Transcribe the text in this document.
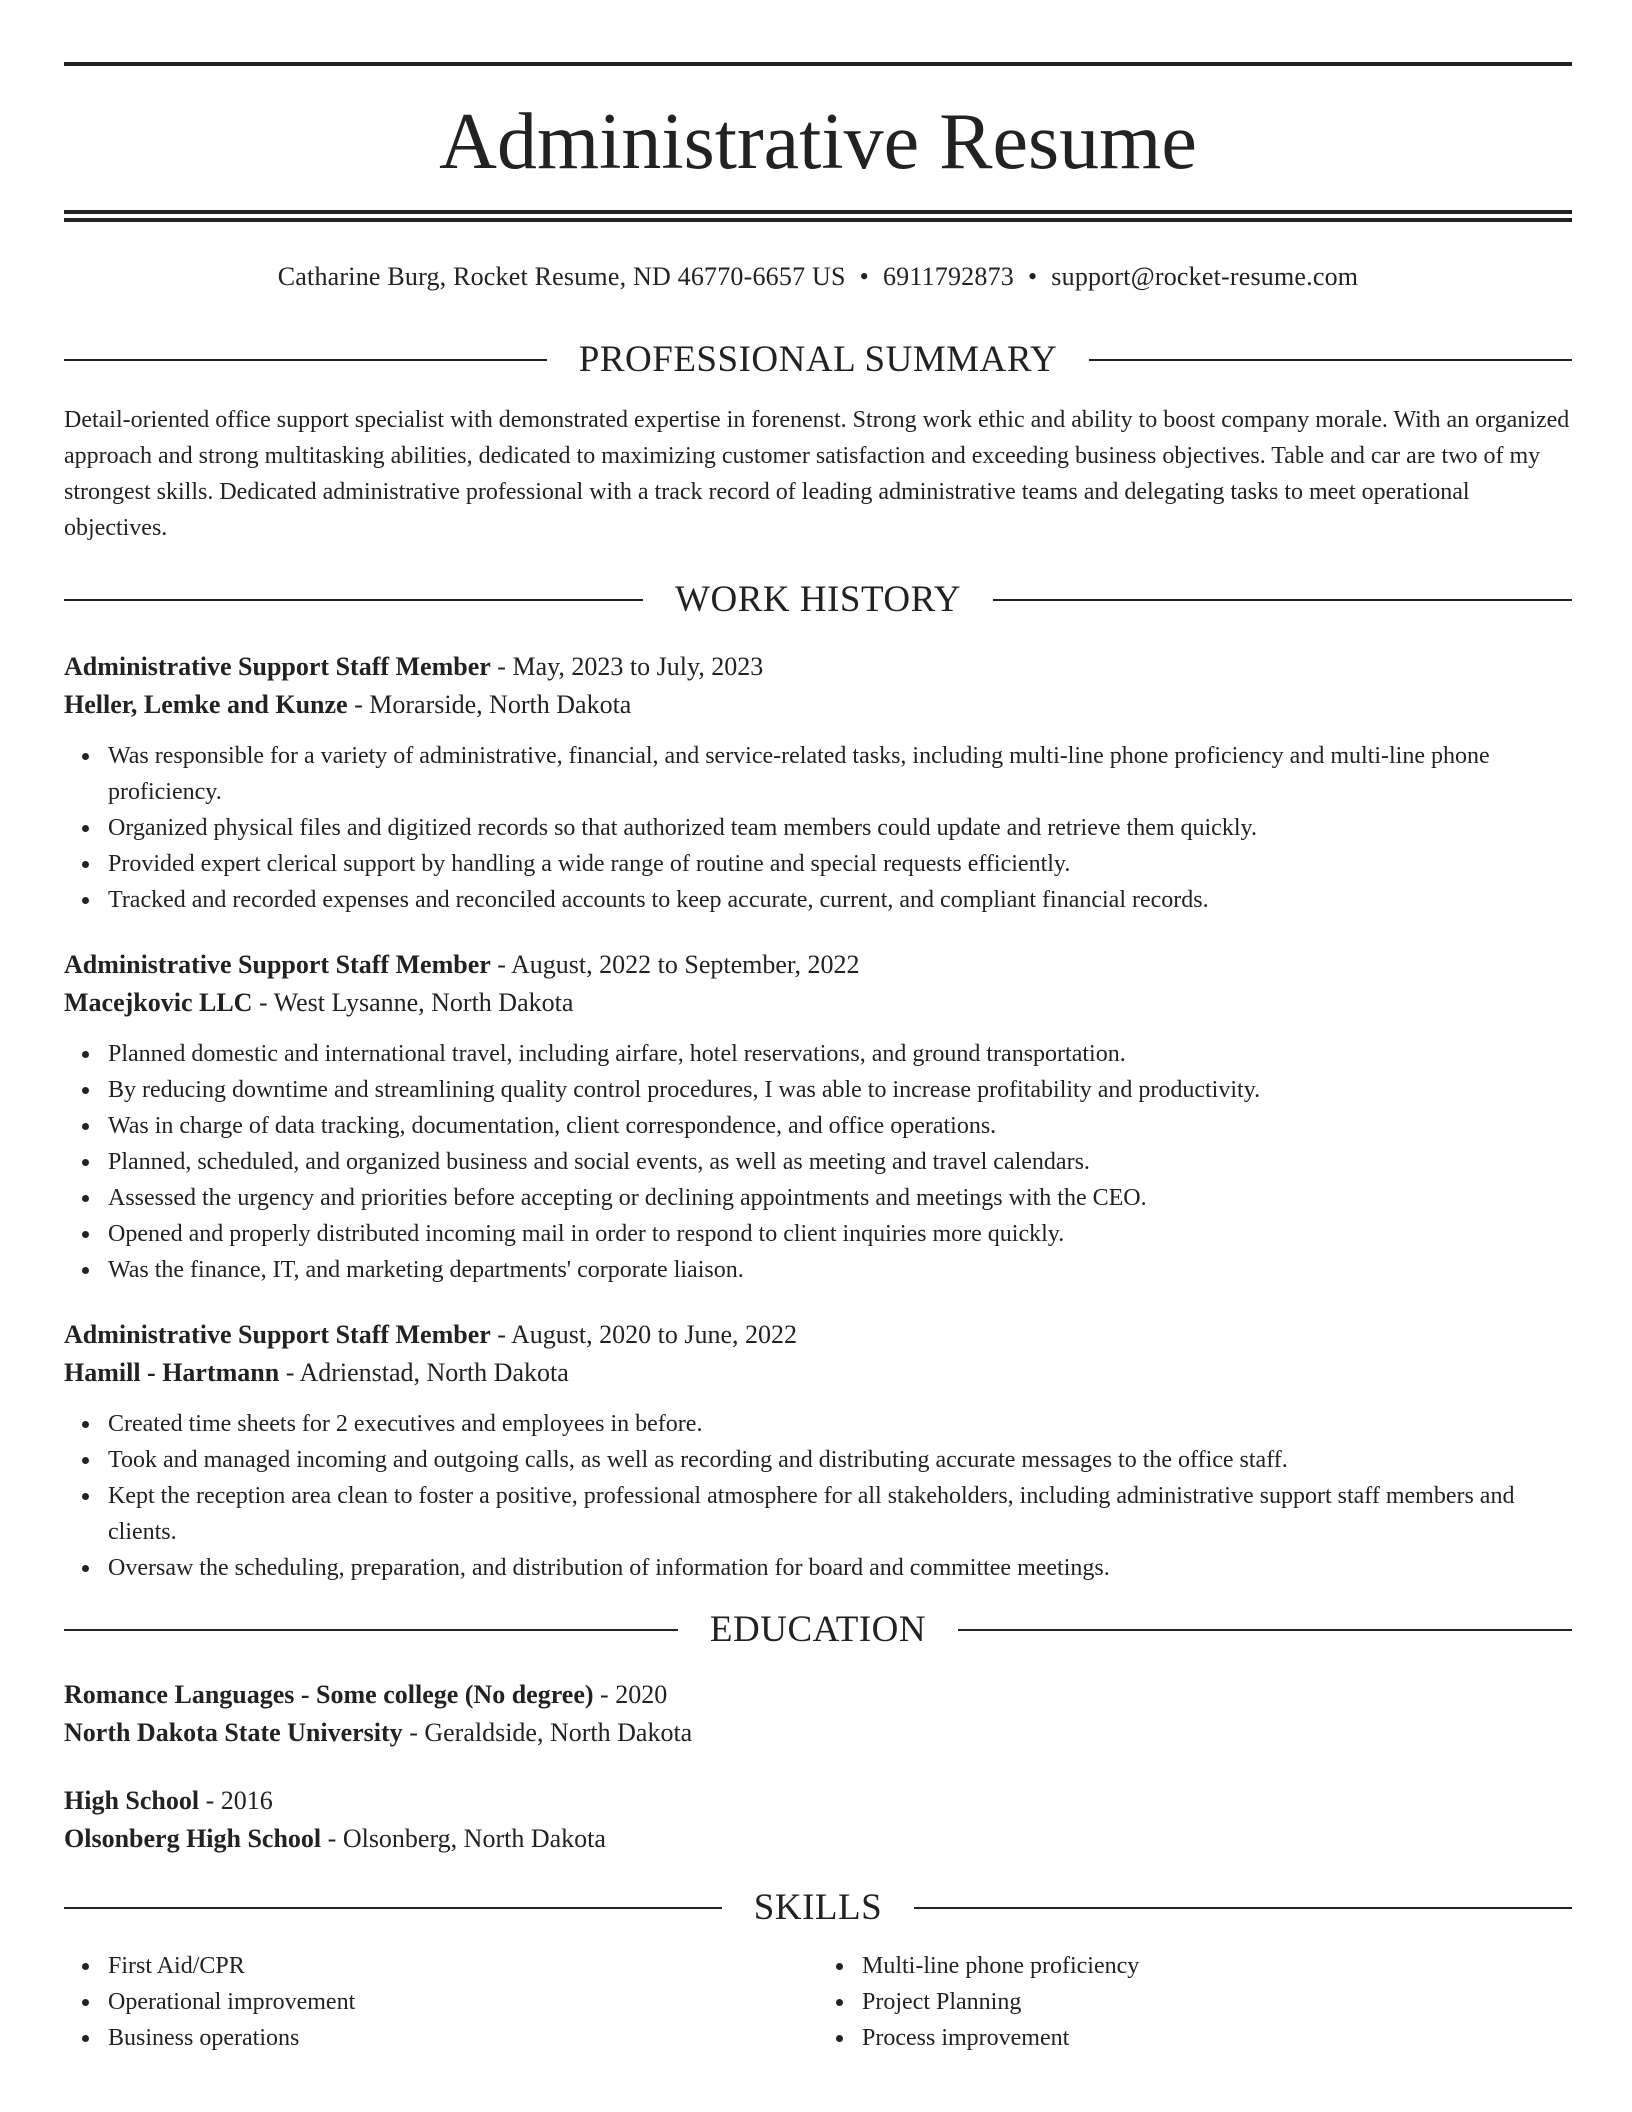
Administrative Resume
Catharine Burg, Rocket Resume, ND 46770-6657 US • 6911792873 • support@rocket-resume.com
PROFESSIONAL SUMMARY

Detail-oriented office support specialist with demonstrated expertise in forenenst. Strong work ethic and ability to boost company morale. With an organized approach and strong multitasking abilities, dedicated to maximizing customer satisfaction and exceeding business objectives. Table and car are two of my strongest skills. Dedicated administrative professional with a track record of leading administrative teams and delegating tasks to meet operational objectives.

WORK HISTORY
Administrative Support Staff Member - May, 2023 to July, 2023
Heller, Lemke and Kunze - Morarside, North Dakota
Was responsible for a variety of administrative, financial, and service-related tasks, including multi-line phone proficiency and multi-line phone proficiency.
Organized physical files and digitized records so that authorized team members could update and retrieve them quickly.
Provided expert clerical support by handling a wide range of routine and special requests efficiently.
Tracked and recorded expenses and reconciled accounts to keep accurate, current, and compliant financial records.
Administrative Support Staff Member - August, 2022 to September, 2022
Macejkovic LLC - West Lysanne, North Dakota
Planned domestic and international travel, including airfare, hotel reservations, and ground transportation.
By reducing downtime and streamlining quality control procedures, I was able to increase profitability and productivity.
Was in charge of data tracking, documentation, client correspondence, and office operations.
Planned, scheduled, and organized business and social events, as well as meeting and travel calendars.
Assessed the urgency and priorities before accepting or declining appointments and meetings with the CEO.
Opened and properly distributed incoming mail in order to respond to client inquiries more quickly.
Was the finance, IT, and marketing departments' corporate liaison.
Administrative Support Staff Member - August, 2020 to June, 2022
Hamill - Hartmann - Adrienstad, North Dakota
Created time sheets for 2 executives and employees in before.
Took and managed incoming and outgoing calls, as well as recording and distributing accurate messages to the office staff.
Kept the reception area clean to foster a positive, professional atmosphere for all stakeholders, including administrative support staff members and clients.
Oversaw the scheduling, preparation, and distribution of information for board and committee meetings.
EDUCATION
Romance Languages - Some college (No degree) - 2020
North Dakota State University - Geraldside, North Dakota
High School - 2016
Olsonberg High School - Olsonberg, North Dakota
SKILLS
First Aid/CPR
Operational improvement
Business operations
Multi-line phone proficiency
Project Planning
Process improvement
